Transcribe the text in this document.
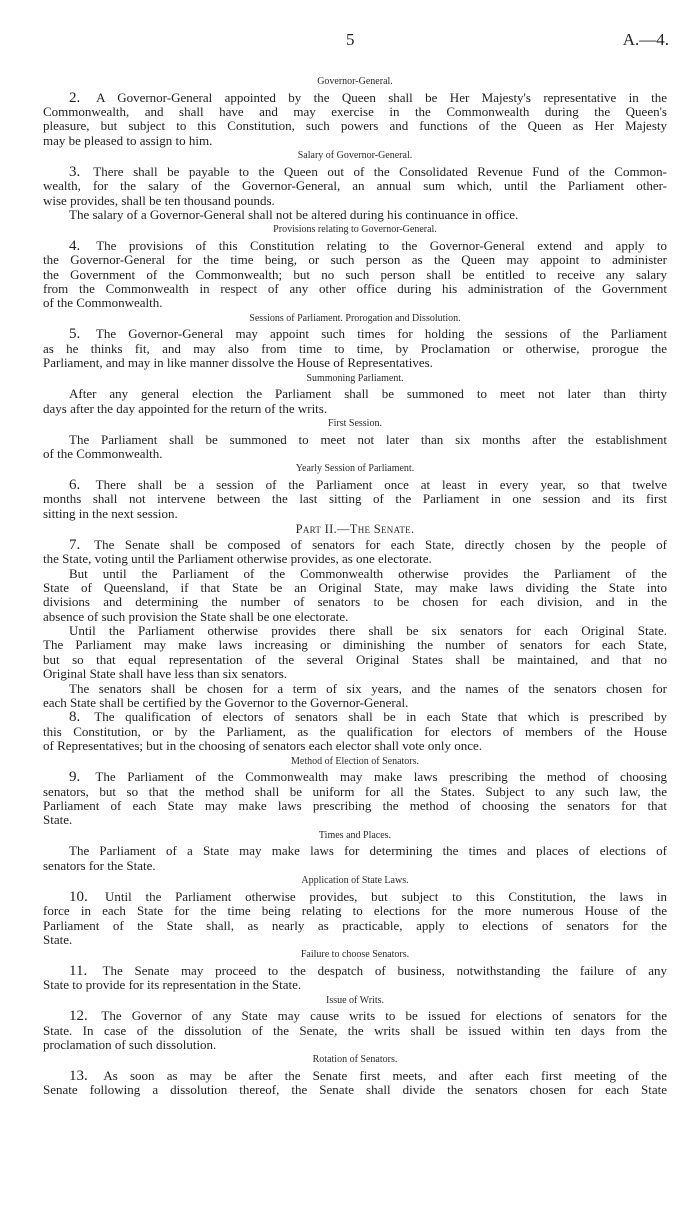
5	A.—4.
Governor-General.
2. A Governor-General appointed by the Queen shall be Her Majesty's representative in the
Commonwealth, and shall have and may exercise in the Commonwealth during the Queen's
pleasure, but subject to this Constitution, such powers and functions of the Queen as Her Majesty
may be pleased to assign to him.
Salary of Governor-General.
3. There shall be payable to the Queen out of the Consolidated Revenue Fund of the Common-
wealth, for the salary of the Governor-General, an annual sum which, until the Parliament other-
wise provides, shall be ten thousand pounds.
The salary of a Governor-General shall not be altered during his continuance in office.
Provisions relating to Governor-General.
4. The provisions of this Constitution relating to the Governor-General extend and apply to
the Governor-General for the time being, or such person as the Queen may appoint to administer
the Government of the Commonwealth; but no such person shall be entitled to receive any salary
from the Commonwealth in respect of any other office during his administration of the Government
of the Commonwealth.
Sessions of Parliament. Prorogation and Dissolution.
5. The Governor-General may appoint such times for holding the sessions of the Parliament
as he thinks fit, and may also from time to time, by Proclamation or otherwise, prorogue the
Parliament, and may in like manner dissolve the House of Representatives.
Summoning Parliament.
After any general election the Parliament shall be summoned to meet not later than thirty
days after the day appointed for the return of the writs.
First Session.
The Parliament shall be summoned to meet not later than six months after the establishment
of the Commonwealth.
Yearly Session of Parliament.
6. There shall be a session of the Parliament once at least in every year, so that twelve
months shall not intervene between the last sitting of the Parliament in one session and its first
sitting in the next session.
Part II.—The Senate.
7. The Senate shall be composed of senators for each State, directly chosen by the people of
the State, voting until the Parliament otherwise provides, as one electorate.
But until the Parliament of the Commonwealth otherwise provides the Parliament of the
State of Queensland, if that State be an Original State, may make laws dividing the State into
divisions and determining the number of senators to be chosen for each division, and in the
absence of such provision the State shall be one electorate.
Until the Parliament otherwise provides there shall be six senators for each Original State.
The Parliament may make laws increasing or diminishing the number of senators for each State,
but so that equal representation of the several Original States shall be maintained, and that no
Original State shall have less than six senators.
The senators shall be chosen for a term of six years, and the names of the senators chosen for
each State shall be certified by the Governor to the Governor-General.
8. The qualification of electors of senators shall be in each State that which is prescribed by
this Constitution, or by the Parliament, as the qualification for electors of members of the House
of Representatives; but in the choosing of senators each elector shall vote only once.
Method of Election of Senators.
9. The Parliament of the Commonwealth may make laws prescribing the method of choosing
senators, but so that the method shall be uniform for all the States. Subject to any such law, the
Parliament of each State may make laws prescribing the method of choosing the senators for that
State.
Times and Places.
The Parliament of a State may make laws for determining the times and places of elections of
senators for the State.
Application of State Laws.
10. Until the Parliament otherwise provides, but subject to this Constitution, the laws in
force in each State for the time being relating to elections for the more numerous House of the
Parliament of the State shall, as nearly as practicable, apply to elections of senators for the
State.
Failure to choose Senators.
11. The Senate may proceed to the despatch of business, notwithstanding the failure of any
State to provide for its representation in the State.
Issue of Writs.
12. The Governor of any State may cause writs to be issued for elections of senators for the
State. In case of the dissolution of the Senate, the writs shall be issued within ten days from the
proclamation of such dissolution.
Rotation of Senators.
13. As soon as may be after the Senate first meets, and after each first meeting of the
Senate following a dissolution thereof, the Senate shall divide the senators chosen for each State
